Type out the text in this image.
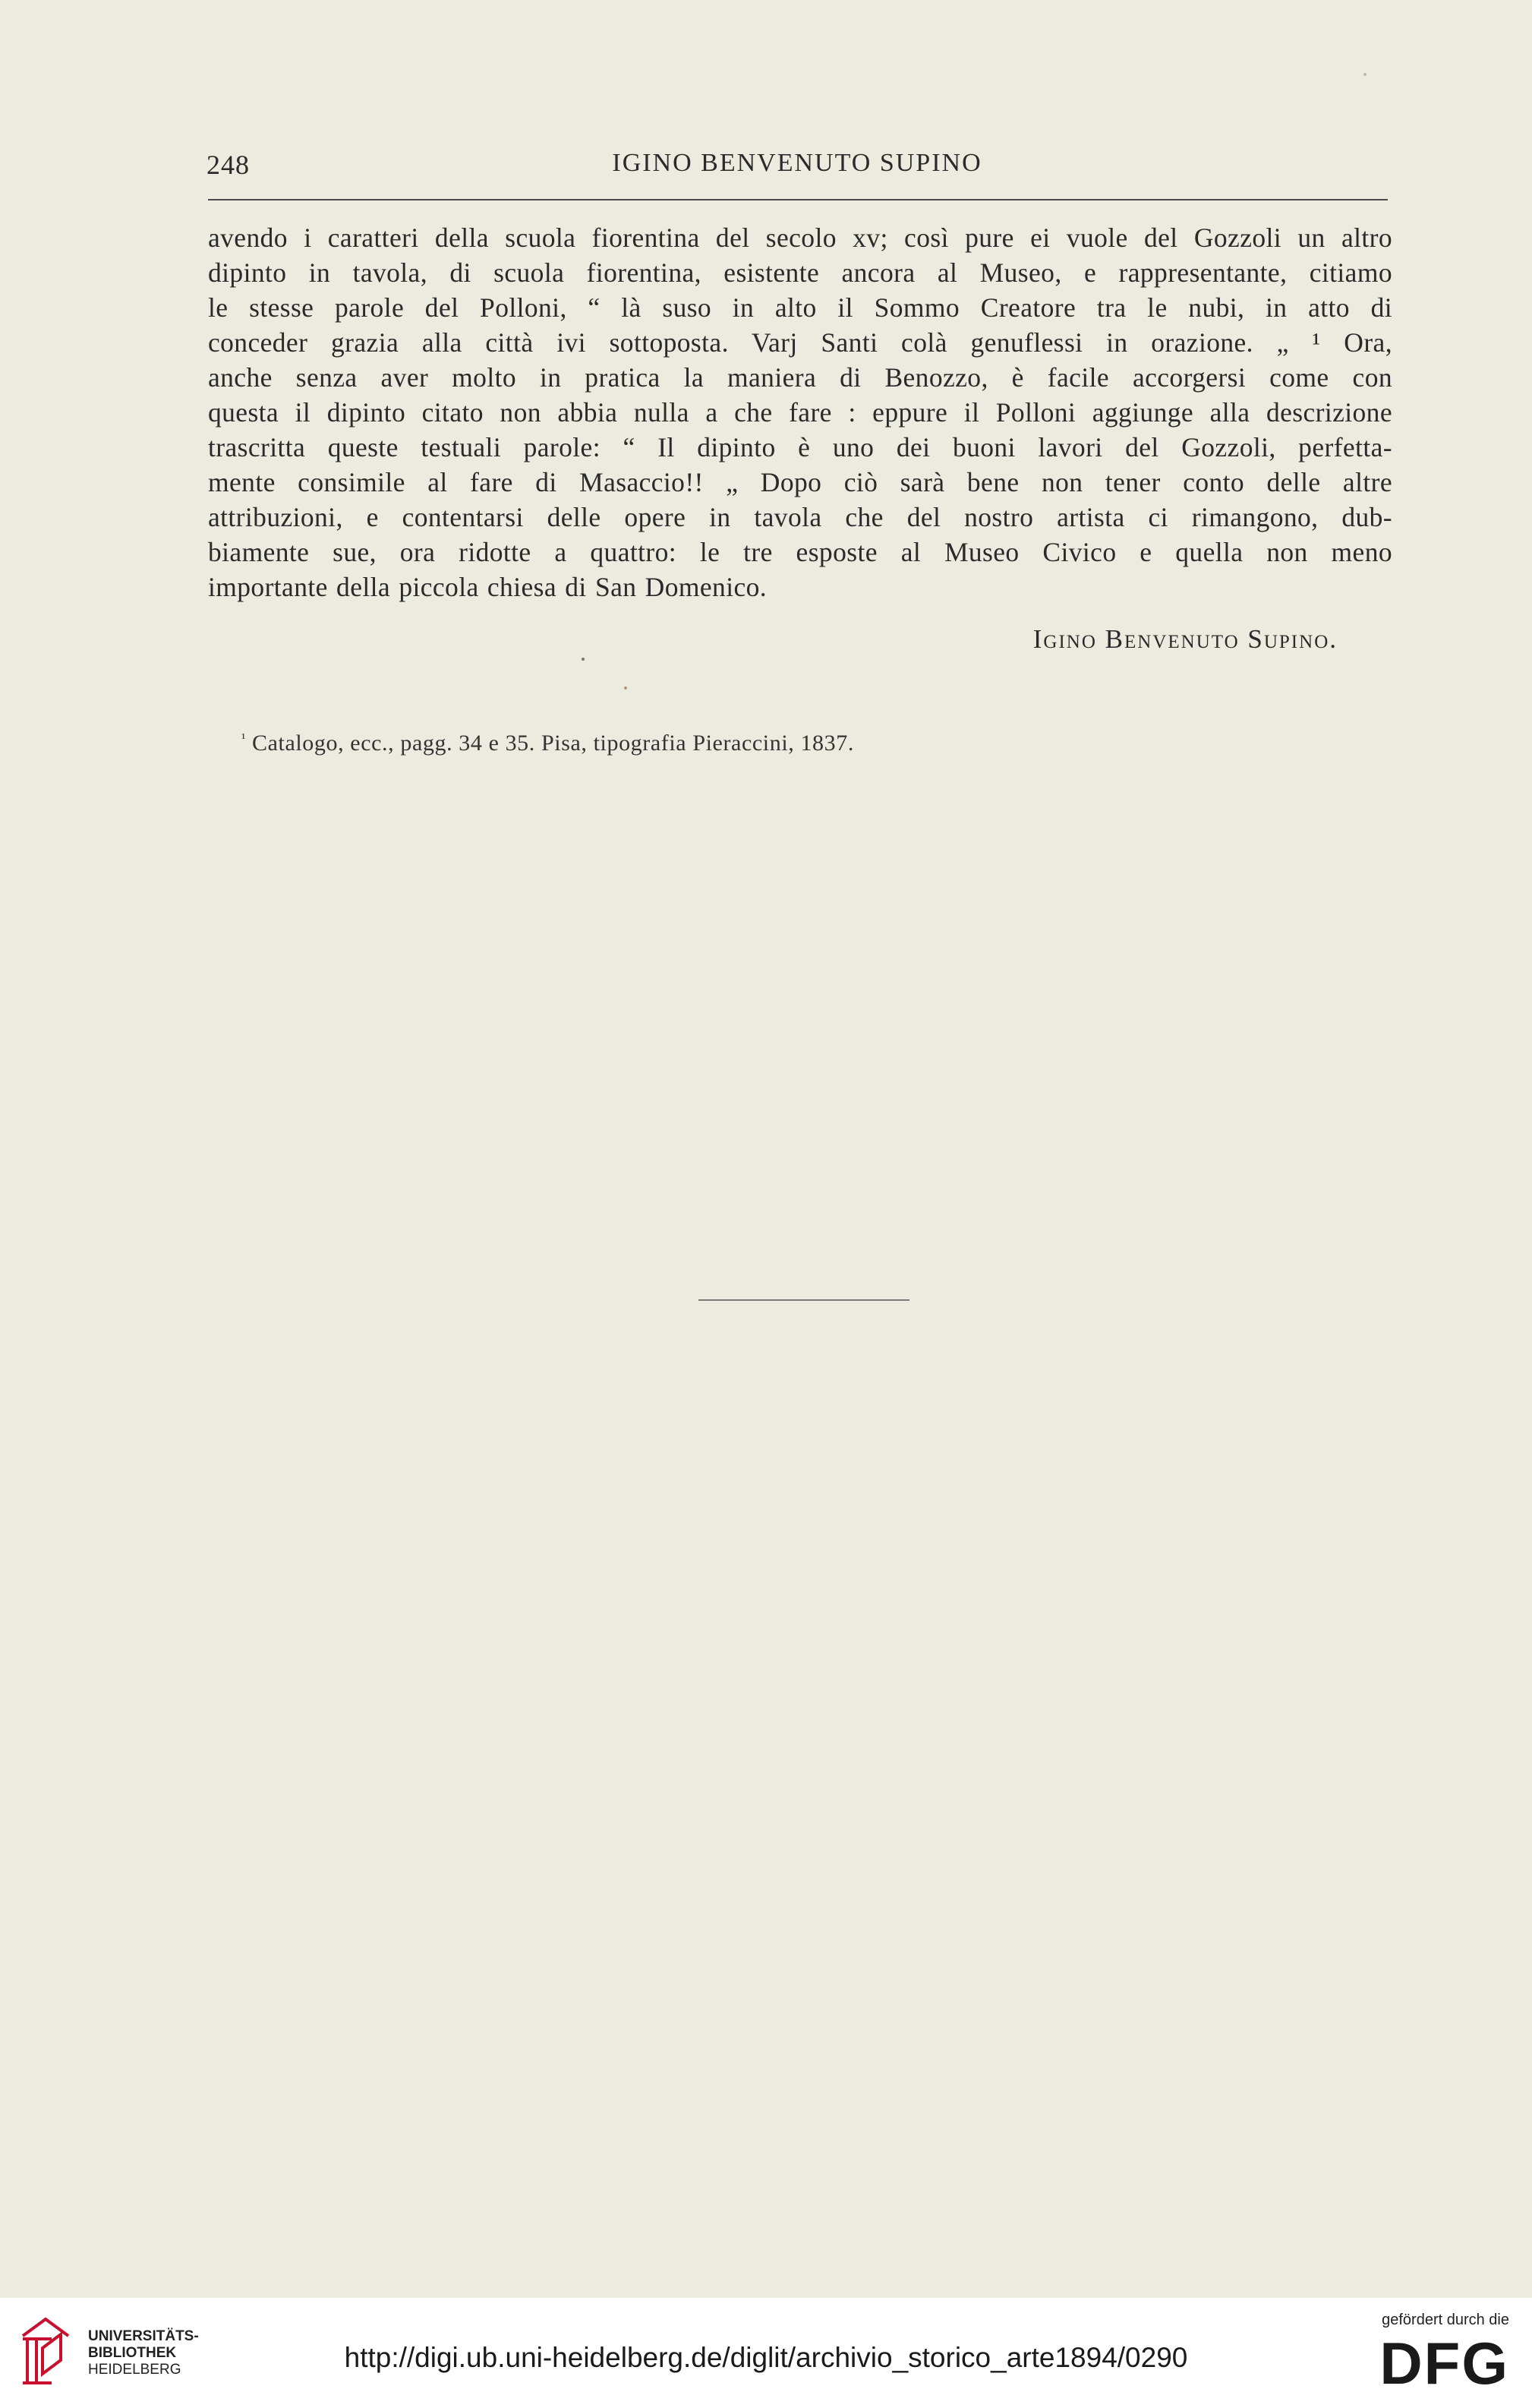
248	IGINO BENVENUTO SUPINO
avendo i caratteri della scuola fiorentina del secolo xv; così pure ei vuole del Gozzoli un altro
dipinto in tavola, di scuola fiorentina, esistente ancora al Museo, e rappresentante, citiamo
le stesse parole del Polloni, “ là suso in alto il Sommo Creatore tra le nubi, in atto di
conceder grazia alla città ivi sottoposta. Varj Santi colà genuflessi in orazione. „ ¹ Ora,
anche senza aver molto in pratica la maniera di Benozzo, è facile accorgersi come con
questa il dipinto citato non abbia nulla a che fare : eppure il Polloni aggiunge alla descrizione
trascritta queste testuali parole: “ Il dipinto è uno dei buoni lavori del Gozzoli, perfetta-
mente consimile al fare di Masaccio!! „ Dopo ciò sarà bene non tener conto delle altre
attribuzioni, e contentarsi delle opere in tavola che del nostro artista ci rimangono, dub-
biamente sue, ora ridotte a quattro: le tre esposte al Museo Civico e quella non meno
importante della piccola chiesa di San Domenico.
Igino Benvenuto Supino.
$^{^1}$ Catalogo, ecc., pagg. 34 e 35. Pisa, tipografia Pieraccini, 1837.
UNIVERSITÄTS-
BIBLIOTHEK
HEIDELBERG	http://digi.ub.uni-heidelberg.de/diglit/archivio_storico_arte1894/0290
gefördert durch die
DFG
